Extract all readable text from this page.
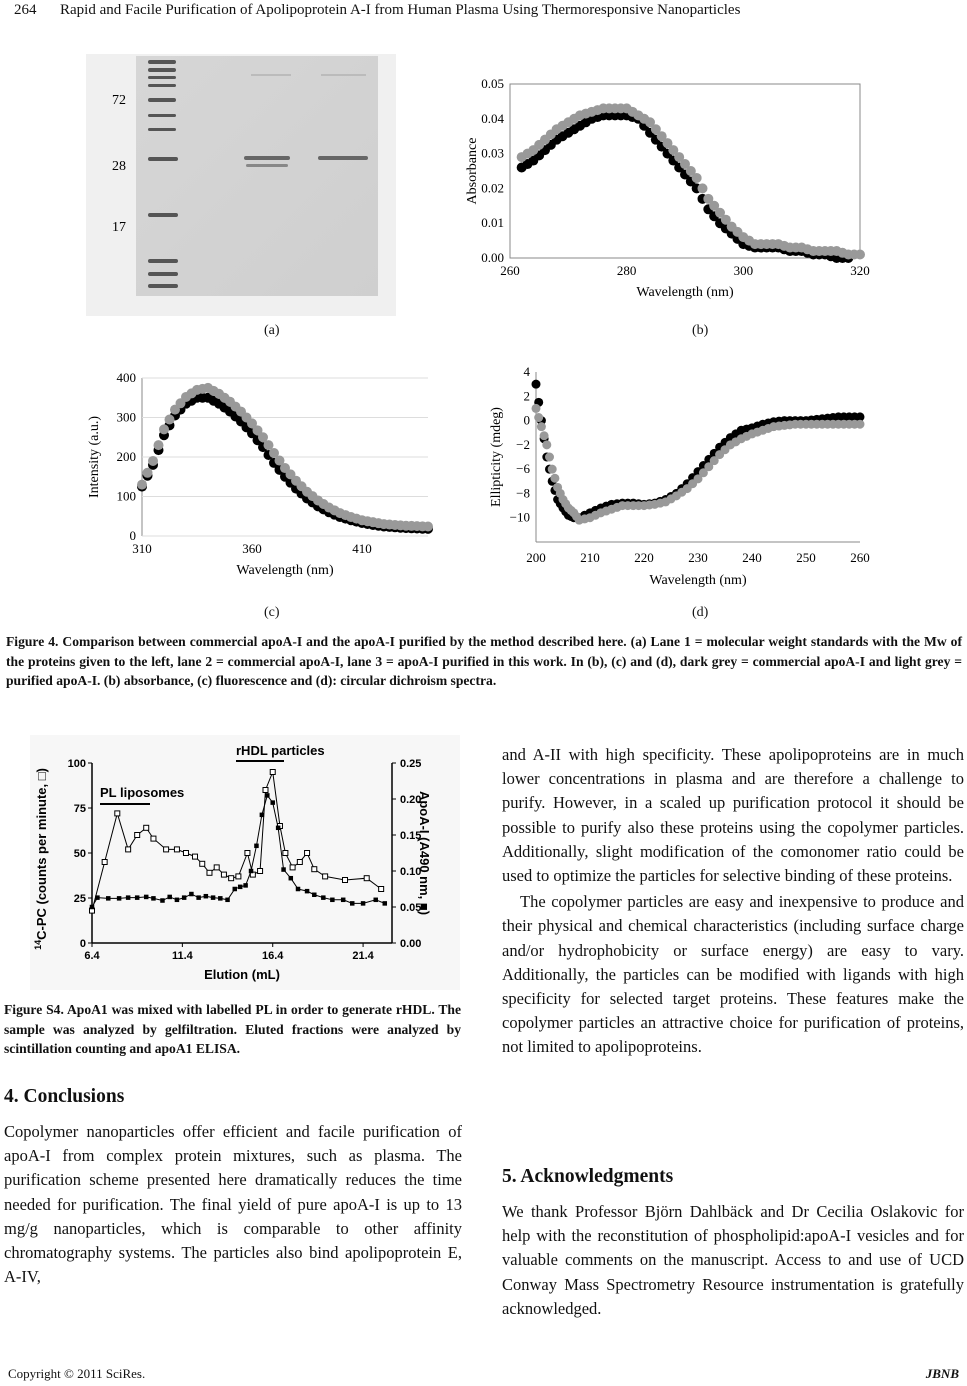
264 Rapid and Facile Purification of Apolipoprotein A-I from Human Plasma Using Thermoresponsive Nanoparticles
72
28
17
(a)
0.00
0.01
0.02
0.03
0.04
0.05
260	280	300	320
Wavelength (nm)
Absorbance
(b)
0
100
200
300
400
310	360	410
Wavelength (nm)
Intensity (a.u.)
(c)
4
2
0
−2
−6
−8
−10
200	210	220	230	240	250	260
Wavelength (nm)
Ellipticity (mdeg)
(d)
Figure 4. Comparison between commercial apoA-I and the apoA-I purified by the method described here. (a) Lane 1 = molecular weight standards with the Mw of the proteins given to the left, lane 2 = commercial apoA-I, lane 3 = apoA-I purified in this work. In (b), (c) and (d), dark grey = commercial apoA-I and light grey = purified apoA-I. (b) absorbance, (c) fluorescence and (d): circular dichroism spectra.
0
25
50
75
100
0.00
0.05
0.10
0.15
0.20
0.25
6.4	11.4	16.4	21.4
Elution (mL)
$^{14}$C-PC (counts per minute, □)	ApoA-I (A490 nm, ■)
PL liposomes
rHDL particles
Figure S4. ApoA1 was mixed with labelled PL in order to generate rHDL. The sample was analyzed by gelfiltration. Eluted fractions were analyzed by scintillation counting and apoA1 ELISA.
4. Conclusions

Copolymer nanoparticles offer efficient and facile purification of apoA-I from complex protein mixtures, such as plasma. The purification scheme presented here dramatically reduces the time needed for purification. The final yield of pure apoA-I is up to 13 mg/g nanoparticles, which is comparable to other affinity chromatography systems. The particles also bind apolipoprotein E, A-IV,

and A-II with high specificity. These apolipoproteins are in much lower concentrations in plasma and are therefore a challenge to purify. However, in a scaled up purification protocol it should be possible to purify also these proteins using the copolymer particles. Additionally, slight modification of the comonomer ratio could be used to optimize the particles for selective binding of these proteins.

The copolymer particles are easy and inexpensive to produce and their physical and chemical characteristics (including surface charge and/or hydrophobicity or surface energy) are easy to vary. Additionally, the particles can be modified with ligands with high specificity for selected target proteins. These features make the copolymer particles an attractive choice for purification of proteins, not limited to apolipoproteins.

5. Acknowledgments

We thank Professor Björn Dahlbäck and Dr Cecilia Oslakovic for help with the reconstitution of phospholipid:apoA-I vesicles and for valuable comments on the manuscript. Access to and use of UCD Conway Mass Spectrometry Resource instrumentation is gratefully acknowledged.

Copyright © 2011 SciRes.	JBNB
